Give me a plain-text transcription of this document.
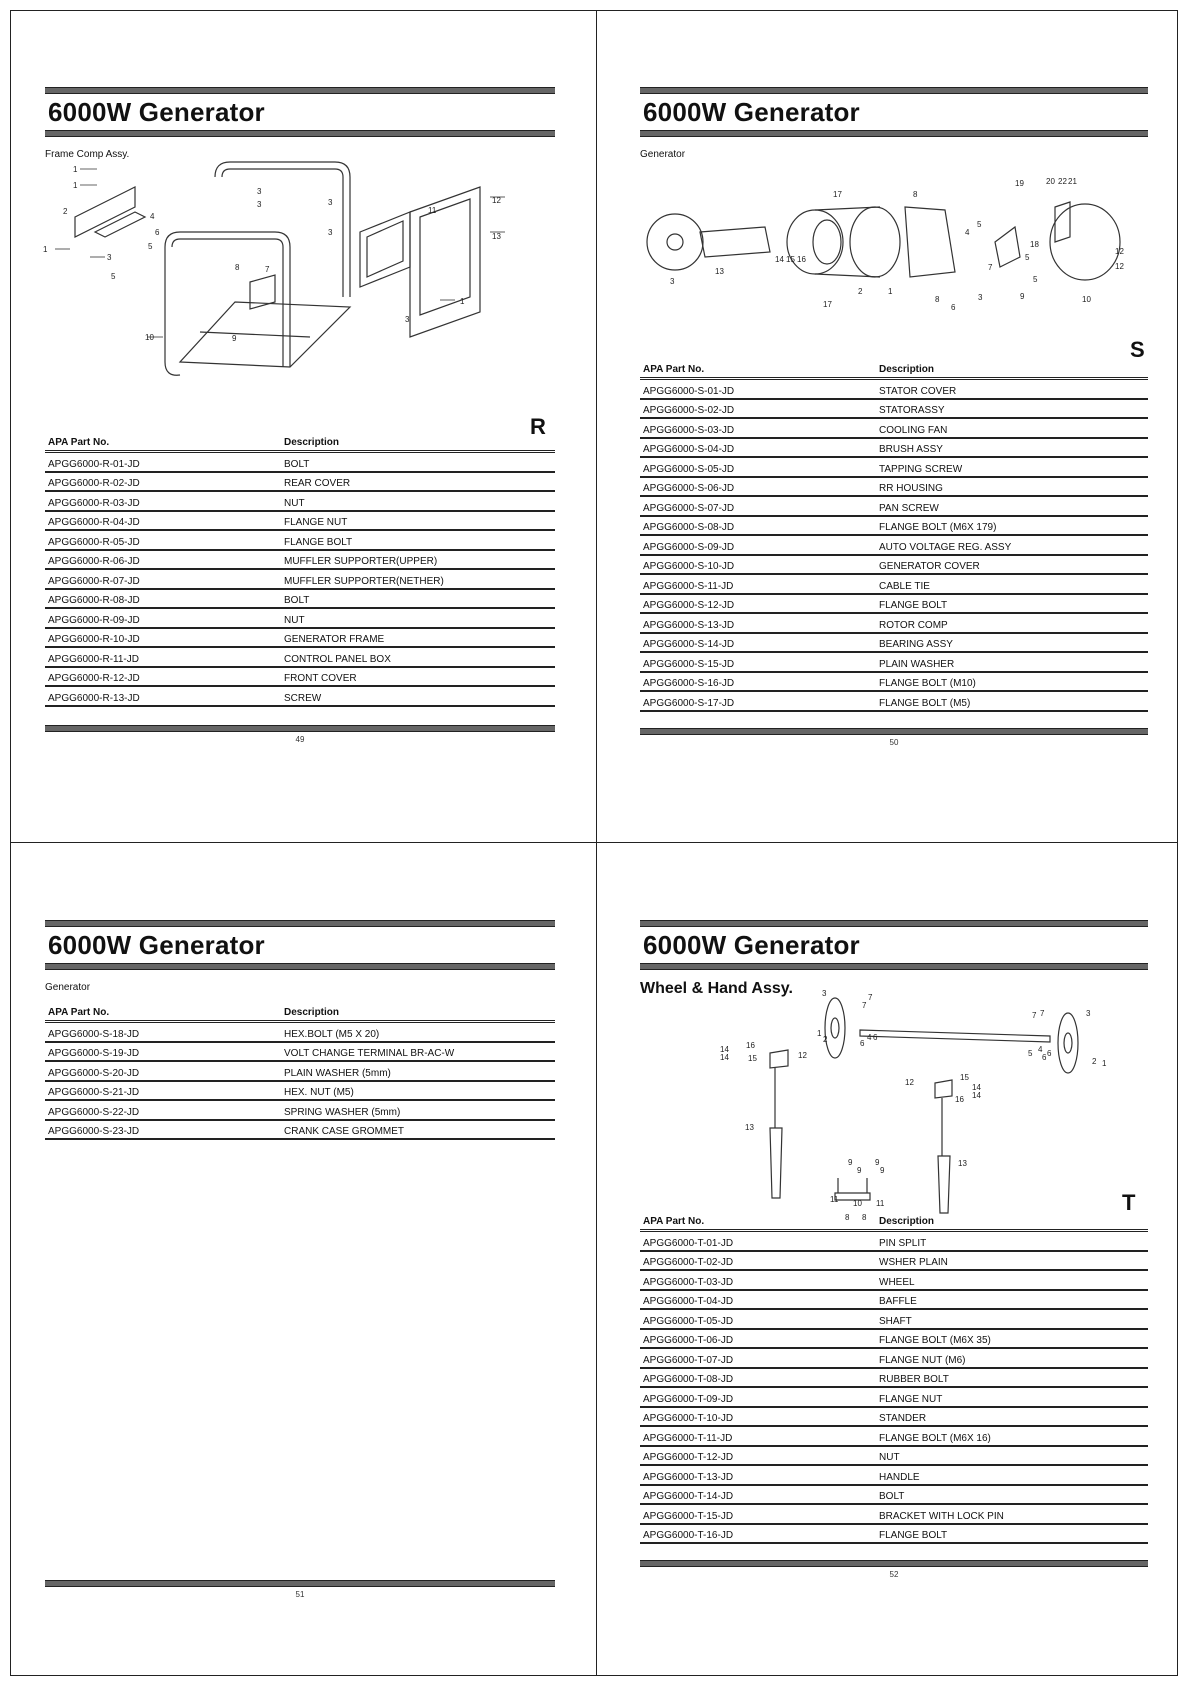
6000W Generator
Frame Comp Assy.
1
1
2
1
3
5
4
6
5
3
3	3
3
8	7
9
10
11
12
13
1
3
R
APA Part No.	Description
APGG6000-R-01-JD	BOLT
APGG6000-R-02-JD	REAR COVER
APGG6000-R-03-JD	NUT
APGG6000-R-04-JD	FLANGE NUT
APGG6000-R-05-JD	FLANGE BOLT
APGG6000-R-06-JD	MUFFLER SUPPORTER(UPPER)
APGG6000-R-07-JD	MUFFLER SUPPORTER(NETHER)
APGG6000-R-08-JD	BOLT
APGG6000-R-09-JD	NUT
APGG6000-R-10-JD	GENERATOR FRAME
APGG6000-R-11-JD	CONTROL PANEL BOX
APGG6000-R-12-JD	FRONT COVER
APGG6000-R-13-JD	SCREW
49
6000W Generator
Generator
3
13
14 15 16
2
17	8
17
1
8
6
3
4
5
7
5
18
9
5
19	20 22 21
12
12
10
S
APA Part No.	Description
APGG6000-S-01-JD	STATOR COVER
APGG6000-S-02-JD	STATORASSY
APGG6000-S-03-JD	COOLING FAN
APGG6000-S-04-JD	BRUSH ASSY
APGG6000-S-05-JD	TAPPING SCREW
APGG6000-S-06-JD	RR HOUSING
APGG6000-S-07-JD	PAN SCREW
APGG6000-S-08-JD	FLANGE BOLT (M6X 179)
APGG6000-S-09-JD	AUTO VOLTAGE REG. ASSY
APGG6000-S-10-JD	GENERATOR COVER
APGG6000-S-11-JD	CABLE TIE
APGG6000-S-12-JD	FLANGE BOLT
APGG6000-S-13-JD	ROTOR COMP
APGG6000-S-14-JD	BEARING ASSY
APGG6000-S-15-JD	PLAIN WASHER
APGG6000-S-16-JD	FLANGE BOLT (M10)
APGG6000-S-17-JD	FLANGE BOLT (M5)
50
6000W Generator
Generator
APA Part No.	Description
APGG6000-S-18-JD	HEX.BOLT (M5 X 20)
APGG6000-S-19-JD	VOLT CHANGE TERMINAL BR-AC-W
APGG6000-S-20-JD	PLAIN WASHER (5mm)
APGG6000-S-21-JD	HEX. NUT (M5)
APGG6000-S-22-JD	SPRING WASHER (5mm)
APGG6000-S-23-JD	CRANK CASE GROMMET
51
6000W Generator
Wheel & Hand Assy.	3
1
2
7
7
4 6
6
5
7 7
4 6
6
3
2 1
14
14
16
15	12
12
15
14
14
16
13
13
9
9
9
9
11 10 11
8 8
T
APA Part No.	Description
APGG6000-T-01-JD	PIN SPLIT
APGG6000-T-02-JD	WSHER PLAIN
APGG6000-T-03-JD	WHEEL
APGG6000-T-04-JD	BAFFLE
APGG6000-T-05-JD	SHAFT
APGG6000-T-06-JD	FLANGE BOLT (M6X 35)
APGG6000-T-07-JD	FLANGE NUT (M6)
APGG6000-T-08-JD	RUBBER BOLT
APGG6000-T-09-JD	FLANGE NUT
APGG6000-T-10-JD	STANDER
APGG6000-T-11-JD	FLANGE BOLT (M6X 16)
APGG6000-T-12-JD	NUT
APGG6000-T-13-JD	HANDLE
APGG6000-T-14-JD	BOLT
APGG6000-T-15-JD	BRACKET WITH LOCK PIN
APGG6000-T-16-JD	FLANGE BOLT
52
